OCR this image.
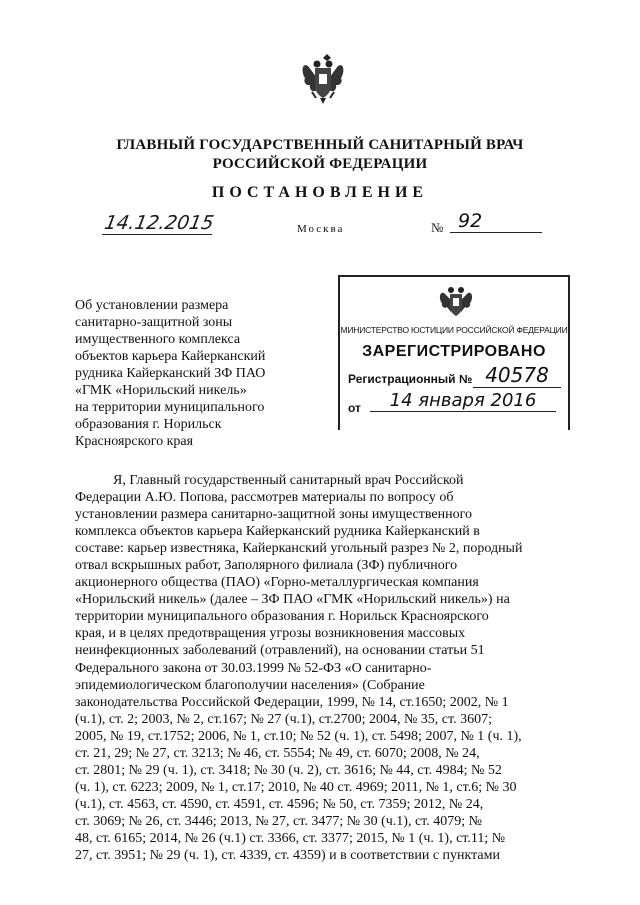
ГЛАВНЫЙ ГОСУДАРСТВЕННЫЙ САНИТАРНЫЙ ВРАЧ
РОССИЙСКОЙ ФЕДЕРАЦИИ
ПОСТАНОВЛЕНИЕ
14.12.2015	Москва	№ 92
Об установлении размера
санитарно-защитной зоны
имущественного комплекса
объектов карьера Кайерканский
рудника Кайерканский ЗФ ПАО
«ГМК «Норильский никель»
на территории муниципального
образования г. Норильск
Красноярского края
МИНИСТЕРСТВО ЮСТИЦИИ РОССИЙСКОЙ ФЕДЕРАЦИИ
ЗАРЕГИСТРИРОВАНО
Регистрационный № 40578
от	14 января 2016
Я, Главный государственный санитарный врач Российской
Федерации А.Ю. Попова, рассмотрев материалы по вопросу об
установлении размера санитарно-защитной зоны имущественного
комплекса объектов карьера Кайерканский рудника Кайеркaнский в
составе: карьер известняка, Кайерканский угольный разрез № 2, породный
отвал вскрышных работ, Заполярного филиала (ЗФ) публичного
акционерного общества (ПАО) «Горно-металлургическая компания
«Норильский никель» (далее – ЗФ ПАО «ГМК «Норильский никель») на
территории муниципального образования г. Норильск Красноярского
края, и в целях предотвращения угрозы возникновения массовых
неинфекционных заболеваний (отравлений), на основании статьи 51
Федерального закона от 30.03.1999 № 52-ФЗ «О санитарно-
эпидемиологическом благополучии населения» (Собрание
законодательства Российской Федерации, 1999, № 14, ст.1650; 2002, № 1
(ч.1), ст. 2; 2003, № 2, ст.167; № 27 (ч.1), ст.2700; 2004, № 35, ст. 3607;
2005, № 19, ст.1752; 2006, № 1, ст.10; № 52 (ч. 1), ст. 5498; 2007, № 1 (ч. 1),
ст. 21, 29; № 27, ст. 3213; № 46, ст. 5554; № 49, ст. 6070; 2008, № 24,
ст. 2801; № 29 (ч. 1), ст. 3418; № 30 (ч. 2), ст. 3616; № 44, ст. 4984; № 52
(ч. 1), ст. 6223; 2009, № 1, ст.17; 2010, № 40 ст. 4969; 2011, № 1, ст.6; № 30
(ч.1), ст. 4563, ст. 4590, ст. 4591, ст. 4596; № 50, ст. 7359; 2012, № 24,
ст. 3069; № 26, ст. 3446; 2013, № 27, ст. 3477; № 30 (ч.1), ст. 4079; №
48, ст. 6165; 2014, № 26 (ч.1) ст. 3366, ст. 3377; 2015, № 1 (ч. 1), ст.11; №
27, ст. 3951; № 29 (ч. 1), ст. 4339, ст. 4359) и в соответствии с пунктами
